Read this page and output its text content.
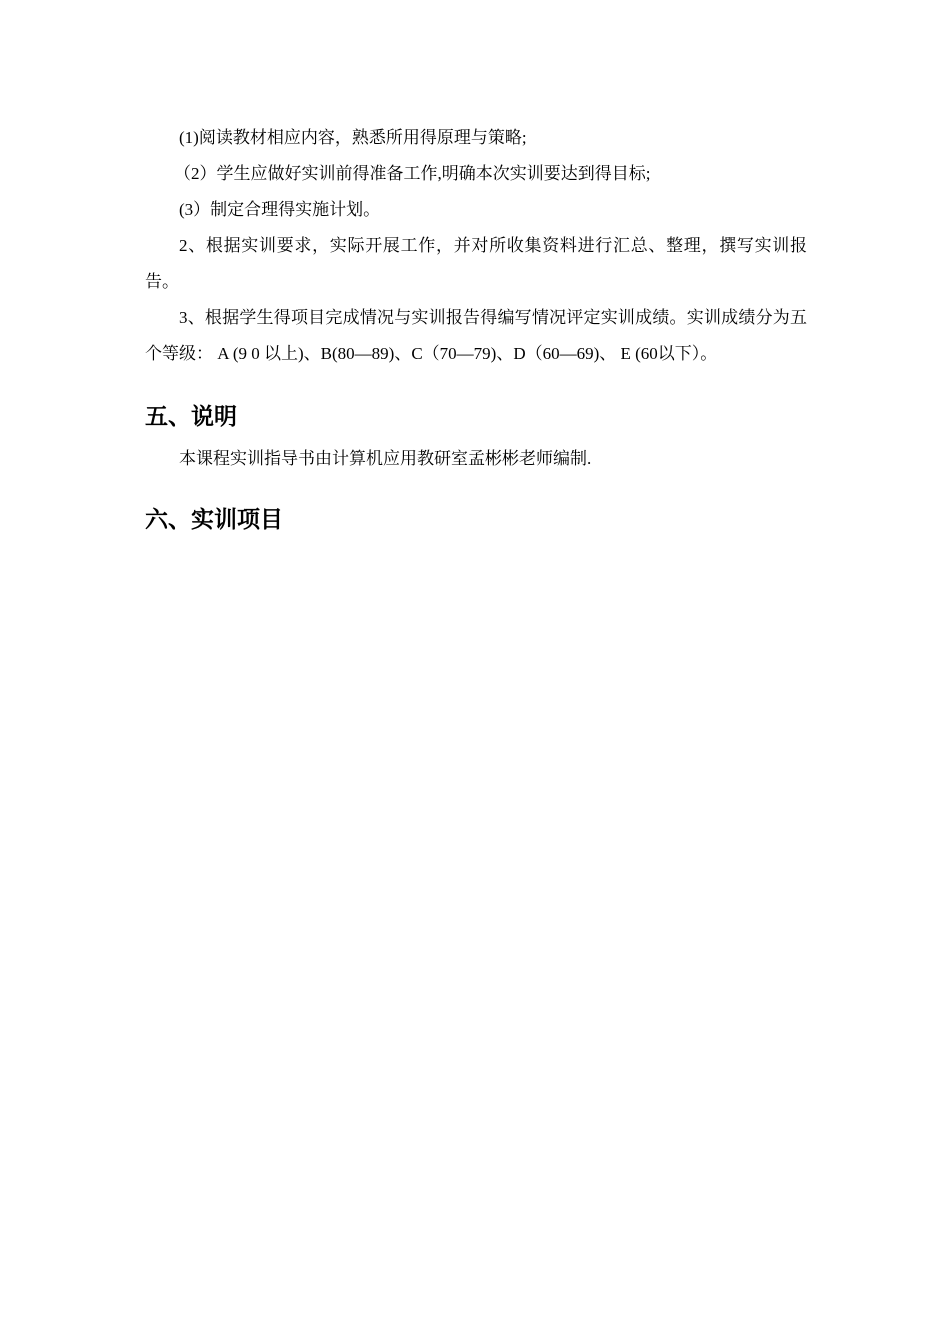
(1)阅读教材相应内容，熟悉所用得原理与策略;

（2）学生应做好实训前得准备工作,明确本次实训要达到得目标;

(3）制定合理得实施计划。

2、根据实训要求，实际开展工作，并对所收集资料进行汇总、整理，撰写实训报告。

3、根据学生得项目完成情况与实训报告得编写情况评定实训成绩。实训成绩分为五个等级： A (9 0 以上)、B(80—89)、C（70—79)、D（60—69)、 E (60以下）。

五、说明

本课程实训指导书由计算机应用教研室孟彬彬老师编制.

六、实训项目
